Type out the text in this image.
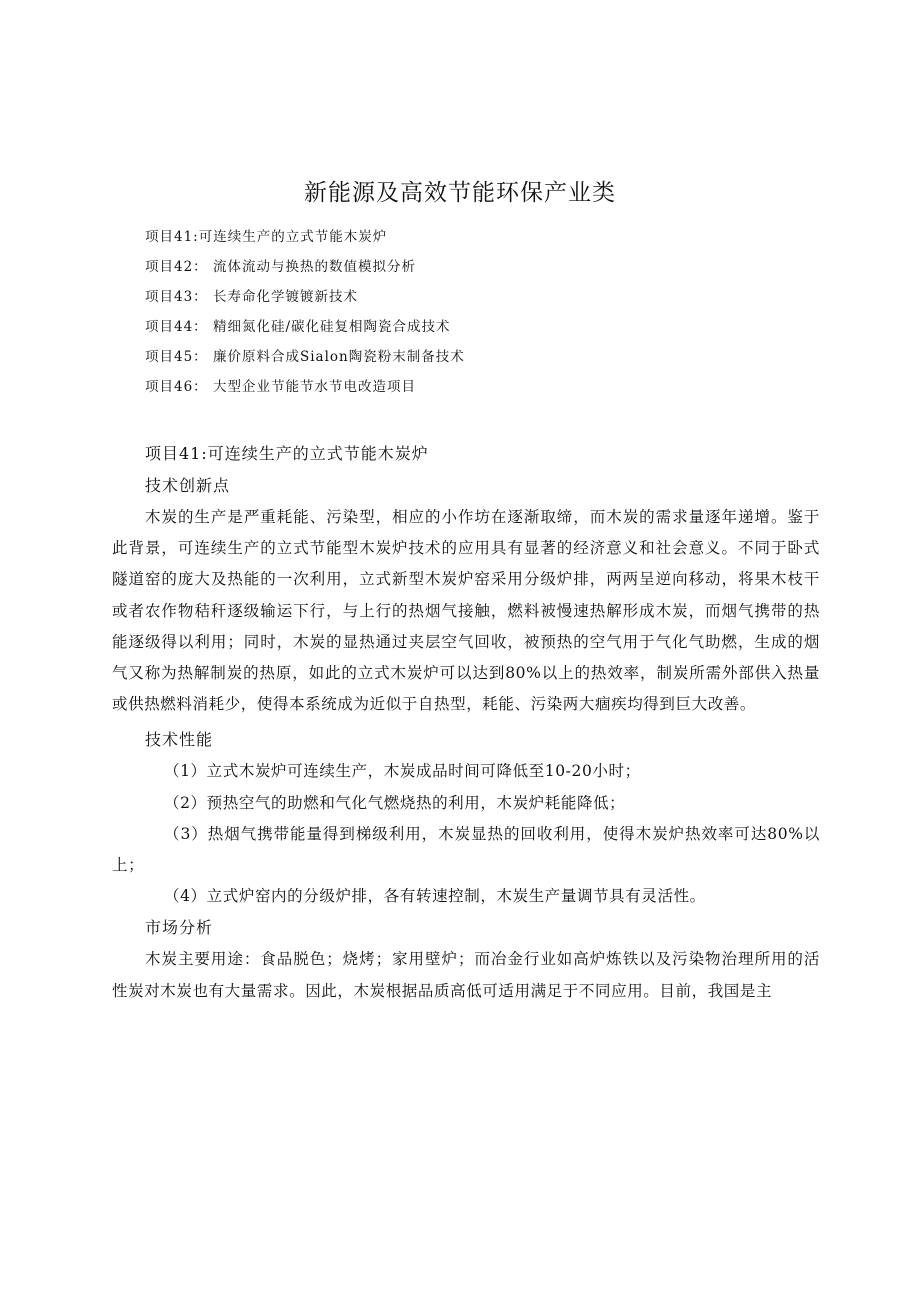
新能源及高效节能环保产业类
项目41:可连续生产的立式节能木炭炉
项目42： 流体流动与换热的数值模拟分析
项目43： 长寿命化学镀镀新技术
项目44： 精细氮化硅/碳化硅复相陶瓷合成技术
项目45： 廉价原料合成Sialon陶瓷粉末制备技术
项目46： 大型企业节能节水节电改造项目
项目41:可连续生产的立式节能木炭炉
技术创新点

木炭的生产是严重耗能、污染型，相应的小作坊在逐渐取缔，而木炭的需求量逐年递增。鉴于此背景，可连续生产的立式节能型木炭炉技术的应用具有显著的经济意义和社会意义。不同于卧式隧道窑的庞大及热能的一次利用，立式新型木炭炉窑采用分级炉排，两两呈逆向移动，将果木枝干或者农作物秸秆逐级输运下行，与上行的热烟气接触，燃料被慢速热解形成木炭，而烟气携带的热能逐级得以利用；同时，木炭的显热通过夹层空气回收，被预热的空气用于气化气助燃，生成的烟气又称为热解制炭的热原，如此的立式木炭炉可以达到80%以上的热效率，制炭所需外部供入热量或供热燃料消耗少，使得本系统成为近似于自热型，耗能、污染两大痼疾均得到巨大改善。

技术性能

（1）立式木炭炉可连续生产，木炭成品时间可降低至10-20小时；

（2）预热空气的助燃和气化气燃烧热的利用，木炭炉耗能降低；

（3）热烟气携带能量得到梯级利用，木炭显热的回收利用，使得木炭炉热效率可达80%以上；

（4）立式炉窑内的分级炉排，各有转速控制，木炭生产量调节具有灵活性。

市场分析

木炭主要用途：食品脱色；烧烤；家用壁炉；而冶金行业如高炉炼铁以及污染物治理所用的活性炭对木炭也有大量需求。因此，木炭根据品质高低可适用满足于不同应用。目前，我国是主
